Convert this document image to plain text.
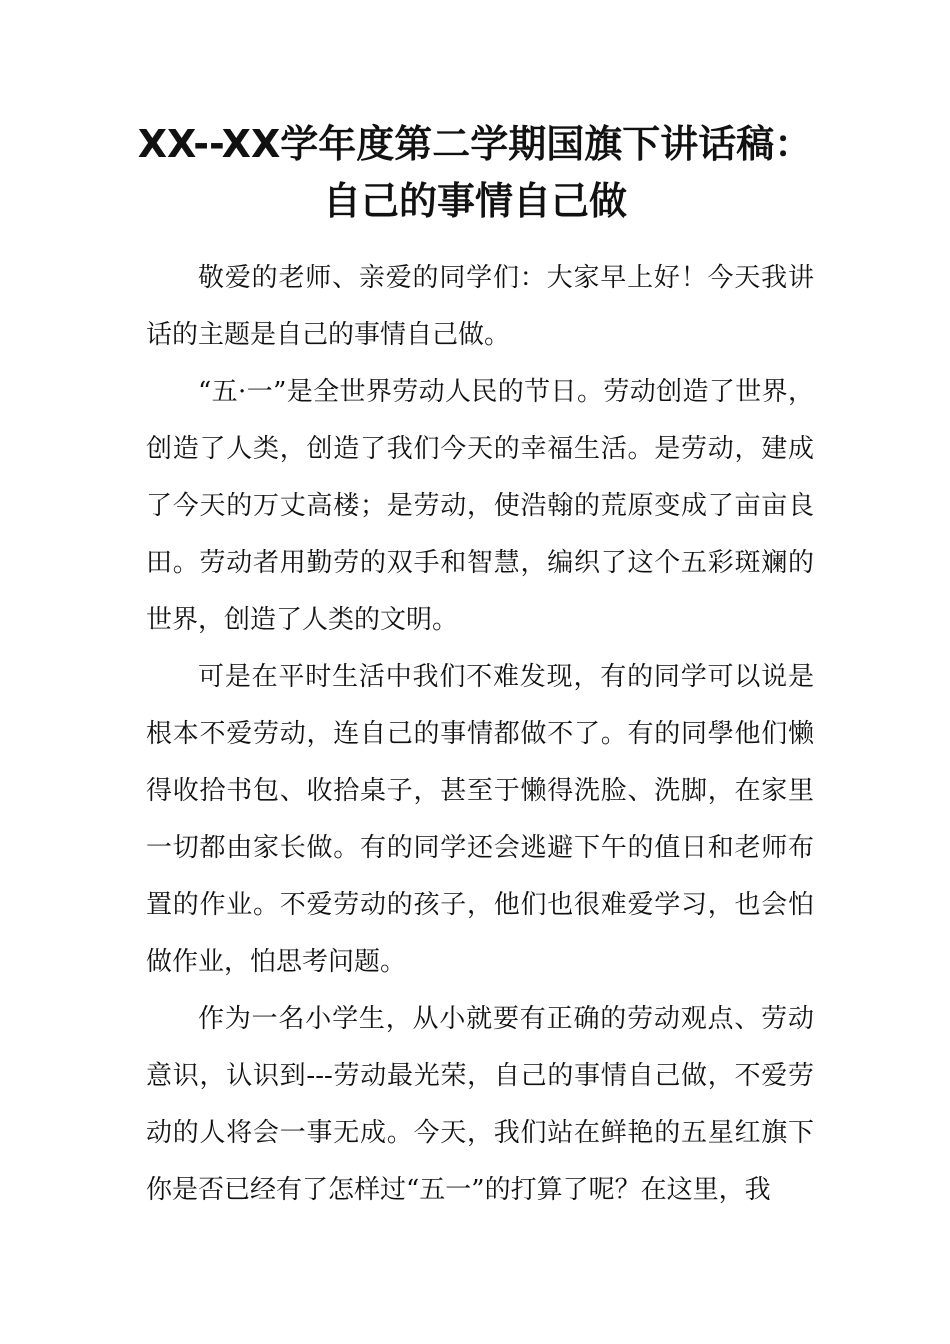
XX--XX学年度第二学期国旗下讲话稿：
自己的事情自己做

敬爱的老师、亲爱的同学们：大家早上好！今天我讲话的主题是自己的事情自己做。

“五·一”是全世界劳动人民的节日。劳动创造了世界，创造了人类，创造了我们今天的幸福生活。是劳动，建成了今天的万丈高楼；是劳动，使浩翰的荒原变成了亩亩良田。劳动者用勤劳的双手和智慧，编织了这个五彩斑斓的世界，创造了人类的文明。

可是在平时生活中我们不难发现，有的同学可以说是根本不爱劳动，连自己的事情都做不了。有的同學他们懒得收拾书包、收拾桌子，甚至于懒得洗脸、洗脚，在家里一切都由家长做。有的同学还会逃避下午的值日和老师布置的作业。不爱劳动的孩子，他们也很难爱学习，也会怕做作业，怕思考问题。

作为一名小学生，从小就要有正确的劳动观点、劳动意识，认识到---劳动最光荣，自己的事情自己做，不爱劳动的人将会一事无成。今天，我们站在鲜艳的五星红旗下你是否已经有了怎样过“五一”的打算了呢？在这里，我
